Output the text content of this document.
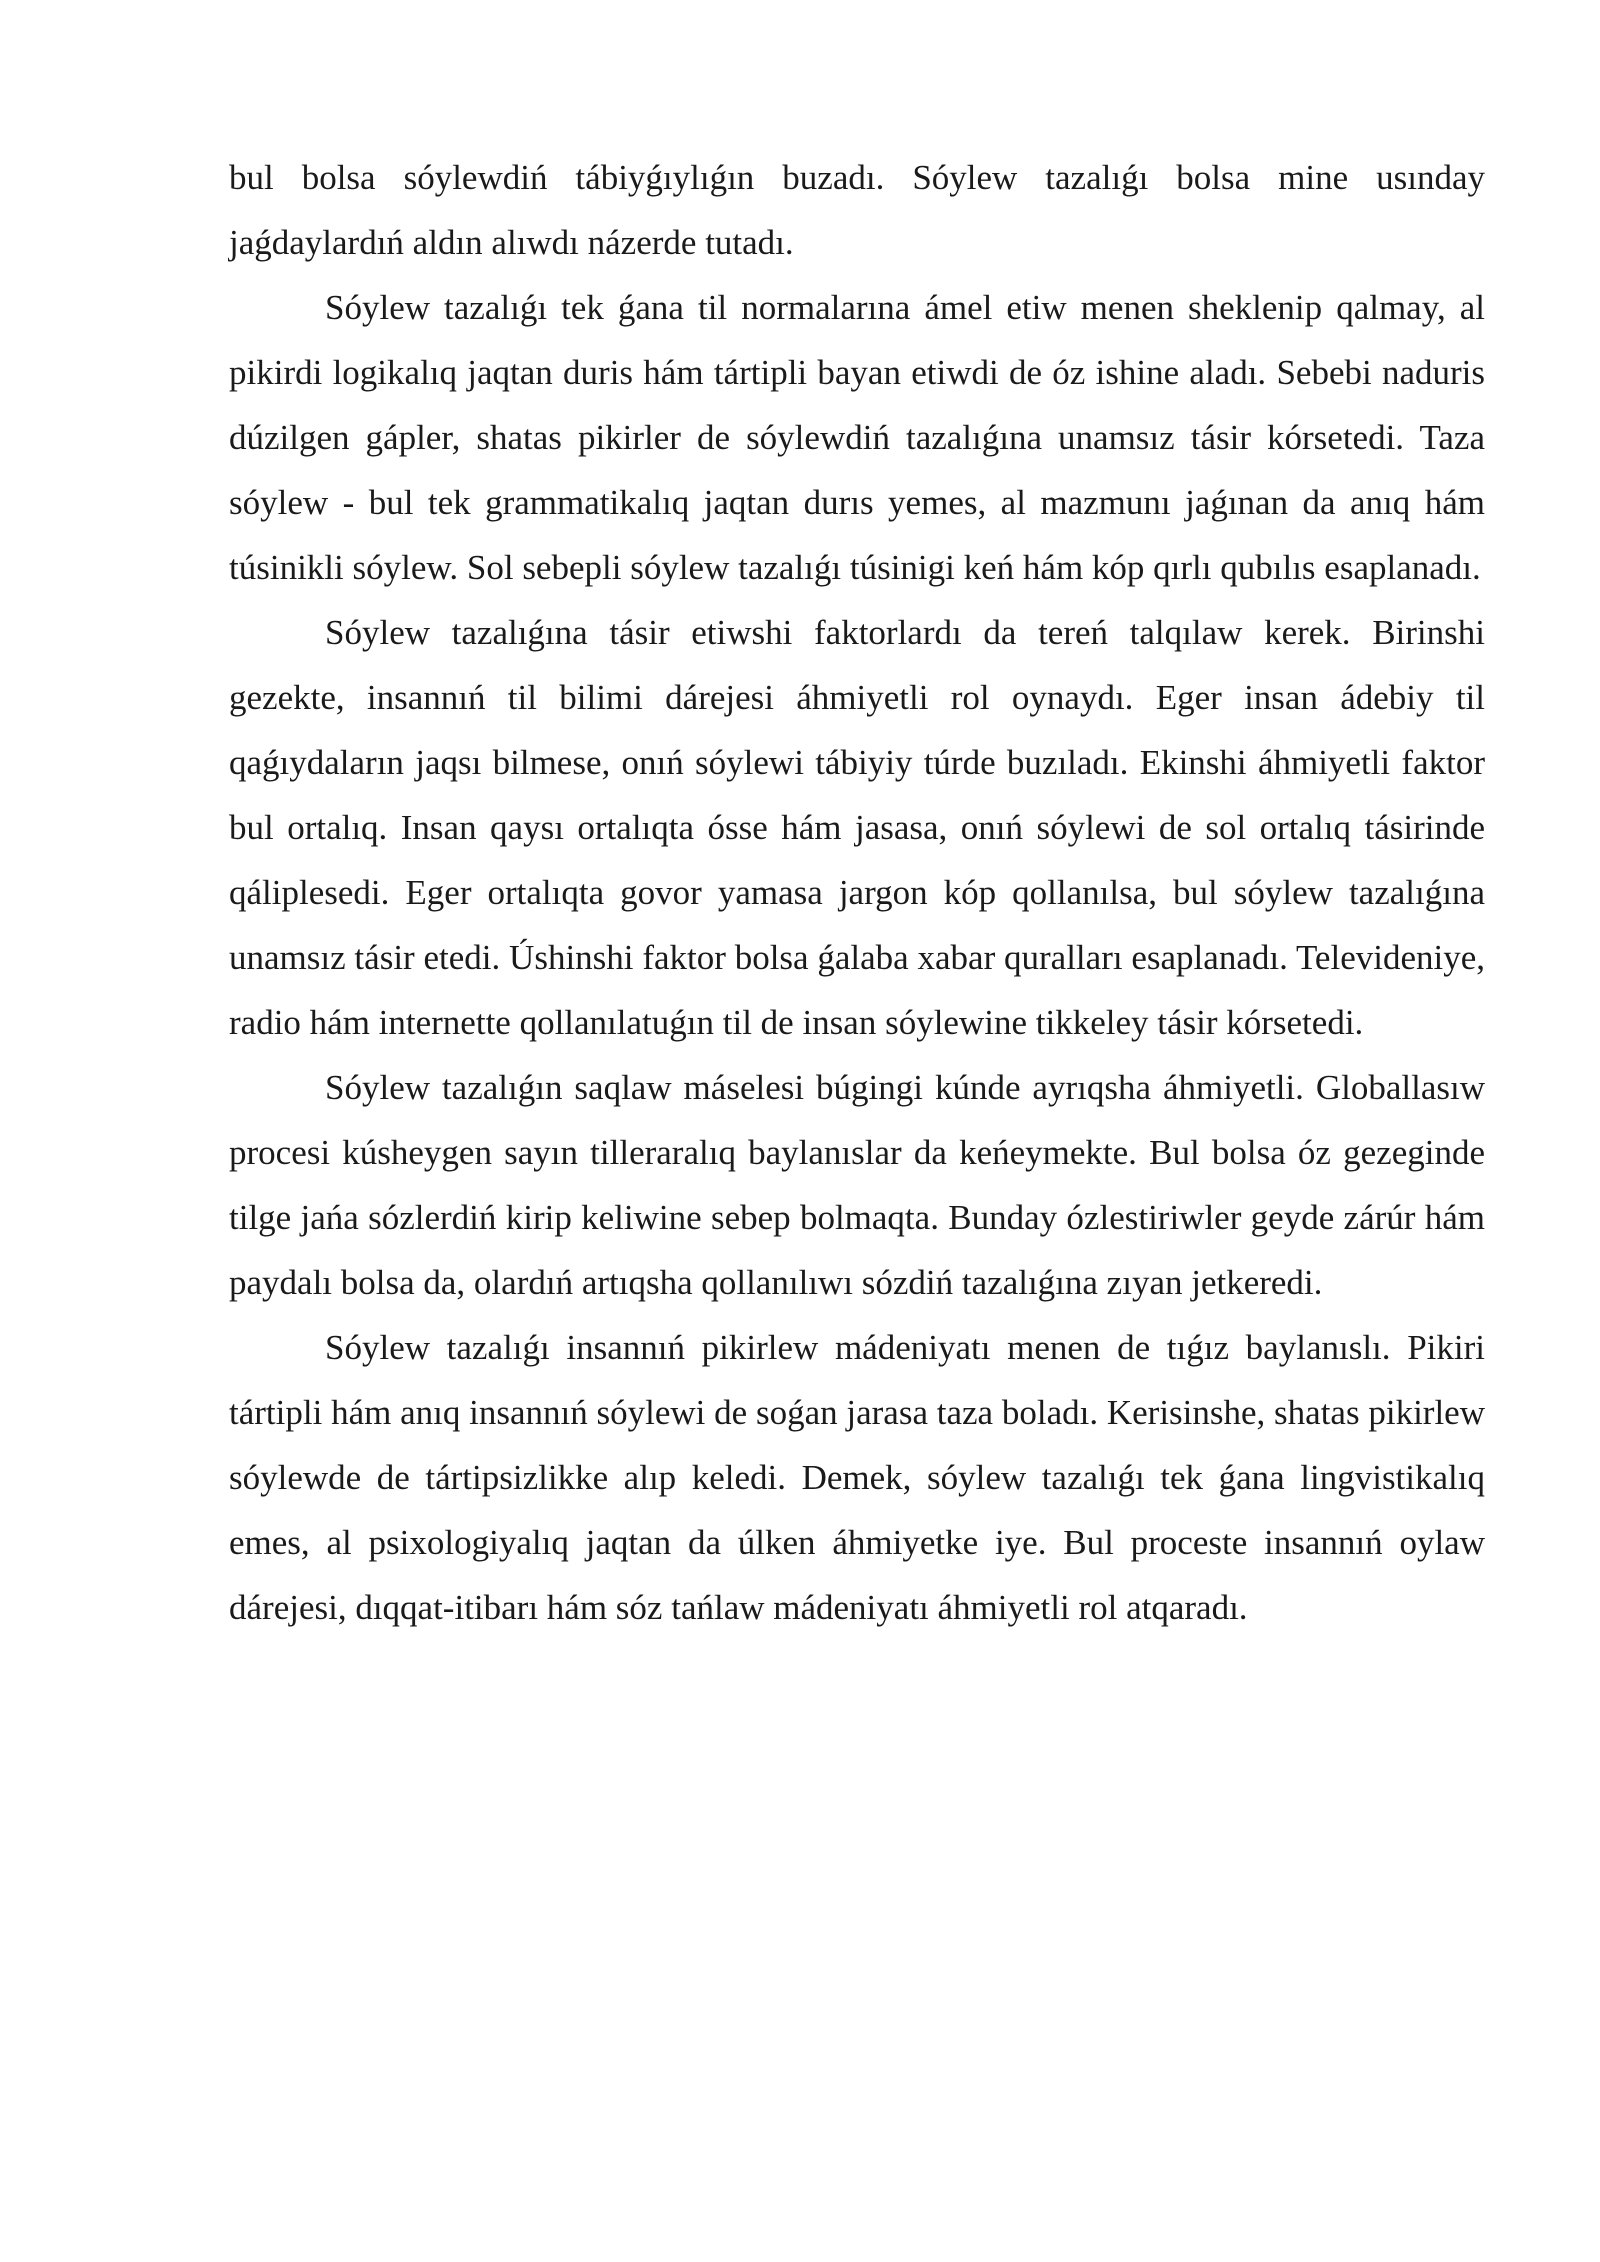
bul bolsa sóylewdiń tábiyǵıylıǵın buzadı. Sóylew tazalıǵı bolsa mine usınday jaǵdaylardıń aldın alıwdı názerde tutadı.

Sóylew tazalıǵı tek ǵana til normalarına ámel etiw menen sheklenip qalmay, al pikirdi logikalıq jaqtan duris hám tártipli bayan etiwdi de óz ishine aladı. Sebebi naduris dúzilgen gápler, shatas pikirler de sóylewdiń tazalıǵına unamsız tásir kórsetedi. Taza sóylew - bul tek grammatikalıq jaqtan durıs yemes, al mazmunı jaǵınan da anıq hám túsinikli sóylew. Sol sebepli sóylew tazalıǵı túsinigi keń hám kóp qırlı qubılıs esaplanadı.

Sóylew tazalıǵına tásir etiwshi faktorlardı da tereń talqılaw kerek. Birinshi gezekte, insannıń til bilimi dárejesi áhmiyetli rol oynaydı. Eger insan ádebiy til qaǵıydaların jaqsı bilmese, onıń sóylewi tábiyiy túrde buzıladı. Ekinshi áhmiyetli faktor bul ortalıq. Insan qaysı ortalıqta ósse hám jasasa, onıń sóylewi de sol ortalıq tásirinde qáliplesedi. Eger ortalıqta govor yamasa jargon kóp qollanılsa, bul sóylew tazalıǵına unamsız tásir etedi. Úshinshi faktor bolsa ǵalaba xabar quralları esaplanadı. Televideniye, radio hám internette qollanılatuǵın til de insan sóylewine tikkeley tásir kórsetedi.

Sóylew tazalıǵın saqlaw máselesi búgingi kúnde ayrıqsha áhmiyetli. Globallasıw procesi kúsheygen sayın tilleraralıq baylanıslar da keńeymekte. Bul bolsa óz gezeginde tilge jańa sózlerdiń kirip keliwine sebep bolmaqta. Bunday ózlestiriwler geyde zárúr hám paydalı bolsa da, olardıń artıqsha qollanılıwı sózdiń tazalıǵına zıyan jetkeredi.

Sóylew tazalıǵı insannıń pikirlew mádeniyatı menen de tıǵız baylanıslı. Pikiri tártipli hám anıq insannıń sóylewi de soǵan jarasa taza boladı. Kerisinshe, shatas pikirlew sóylewde de tártipsizlikke alıp keledi. Demek, sóylew tazalıǵı tek ǵana lingvistikalıq emes, al psixologiyalıq jaqtan da úlken áhmiyetke iye. Bul proceste insannıń oylaw dárejesi, dıqqat-itibarı hám sóz tańlaw mádeniyatı áhmiyetli rol atqaradı.
